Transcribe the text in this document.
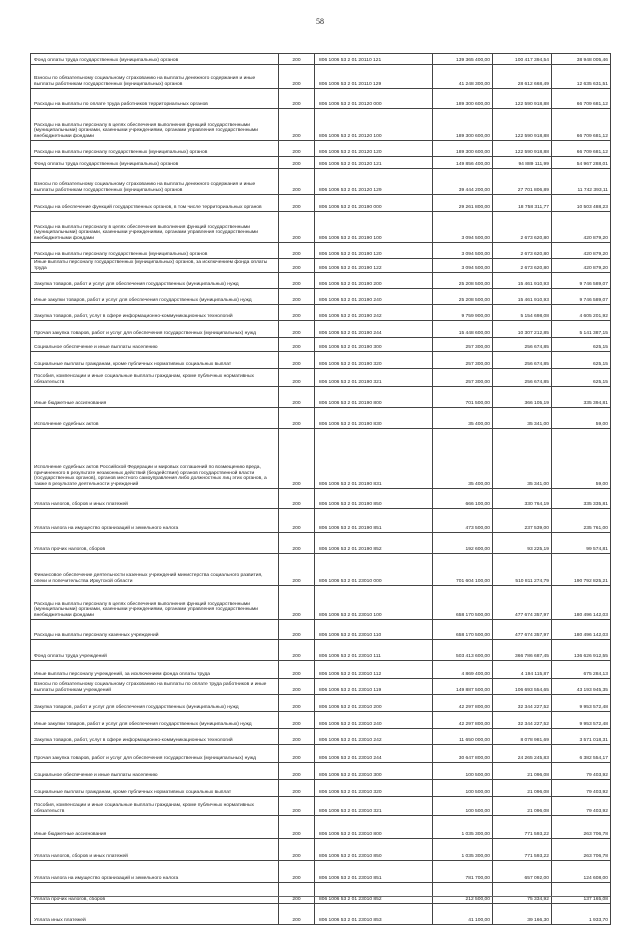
58
Фонд оплаты труда государственных (муниципальных) органов	200	806 1006 53 2 01 20110 121	139 365 400,00	100 417 394,54	38 948 005,46
Взносы по обязательному социальному страхованию на выплаты денежного содержания и иные выплаты работникам государственных (муниципальных) органов	200	806 1006 53 2 01 20110 129	41 248 300,00	28 612 668,49	12 635 631,51
Расходы на выплаты по оплате труда работников территориальных органов	200	806 1006 53 2 01 20120 000	189 300 600,00	122 590 918,88	66 709 681,12
Расходы на выплаты персоналу в целях обеспечения выполнения функций государственными (муниципальными) органами, казенными учреждениями, органами управления государственными внебюджетными фондами	200	806 1006 53 2 01 20120 100	189 300 600,00	122 590 918,88	66 709 681,12
Расходы на выплаты персоналу государственных (муниципальных) органов	200	806 1006 53 2 01 20120 120	189 300 600,00	122 590 918,88	66 709 681,12
Фонд оплаты труда государственных (муниципальных) органов	200	806 1006 53 2 01 20120 121	149 856 400,00	94 889 111,99	54 967 288,01
Взносы по обязательному социальному страхованию на выплаты денежного содержания и иные выплаты работникам государственных (муниципальных) органов	200	806 1006 53 2 01 20120 129	39 444 200,00	27 701 806,89	11 742 393,11
Расходы на обеспечение функций государственных органов, в том числе территориальных органов	200	806 1006 53 2 01 20190 000	29 261 800,00	18 758 311,77	10 503 488,23
Расходы на выплаты персоналу в целях обеспечения выполнения функций государственными (муниципальными) органами, казенными учреждениями, органами управления государственными внебюджетными фондами	200	806 1006 53 2 01 20190 100	3 094 500,00	2 673 620,80	420 879,20
Расходы на выплаты персоналу государственных (муниципальных) органов	200	806 1006 53 2 01 20190 120	3 094 500,00	2 673 620,80	420 879,20
Иные выплаты персоналу государственных (муниципальных) органов, за исключением фонда оплаты труда	200	806 1006 53 2 01 20190 122	3 094 500,00	2 673 620,80	420 879,20
Закупка товаров, работ и услуг для обеспечения государственных (муниципальных) нужд	200	806 1006 53 2 01 20190 200	25 208 500,00	15 461 910,93	9 746 589,07
Иные закупки товаров, работ и услуг для обеспечения государственных (муниципальных) нужд	200	806 1006 53 2 01 20190 240	25 208 500,00	15 461 910,93	9 746 589,07
Закупка товаров, работ, услуг в сфере информационно-коммуникационных технологий	200	806 1006 53 2 01 20190 242	9 759 900,00	5 154 698,08	4 605 201,92
Прочая закупка товаров, работ и услуг для обеспечения государственных (муниципальных) нужд	200	806 1006 53 2 01 20190 244	15 448 600,00	10 307 212,85	5 141 387,15
Социальное обеспечение и иные выплаты населению	200	806 1006 53 2 01 20190 300	257 300,00	256 674,85	625,15
Социальные выплаты гражданам, кроме публичных нормативных социальных выплат	200	806 1006 53 2 01 20190 320	257 300,00	256 674,85	625,15
Пособия, компенсации и иные социальные выплаты гражданам, кроме публичных нормативных обязательств	200	806 1006 53 2 01 20190 321	257 300,00	256 674,85	625,15
Иные бюджетные ассигнования	200	806 1006 53 2 01 20190 800	701 500,00	366 105,19	335 394,81
Исполнение судебных актов	200	806 1006 53 2 01 20190 830	35 400,00	35 341,00	59,00
Исполнение судебных актов Российской Федерации и мировых соглашений по возмещению вреда, причиненного в результате незаконных действий (бездействия) органов государственной власти (государственных органов), органов местного самоуправления либо должностных лиц этих органов, а также в результате деятельности учреждений	200	806 1006 53 2 01 20190 831	35 400,00	35 341,00	59,00
Уплата налогов, сборов и иных платежей	200	806 1006 53 2 01 20190 850	666 100,00	330 764,19	335 335,81
Уплата налога на имущество организаций и земельного налога	200	806 1006 53 2 01 20190 851	473 500,00	237 539,00	235 761,00
Уплата прочих налогов, сборов	200	806 1006 53 2 01 20190 852	192 600,00	93 225,19	99 574,81
Финансовое обеспечение деятельности казенных учреждений министерства социального развития, опеки и попечительства Иркутской области	200	806 1006 53 2 01 23010 000	701 604 100,00	510 811 274,79	190 792 825,21
Расходы на выплаты персоналу в целях обеспечения выполнения функций государственными (муниципальными) органами, казенными учреждениями, органами управления государственными внебюджетными фондами	200	806 1006 53 2 01 23010 100	658 170 500,00	477 674 357,97	180 496 142,03
Расходы на выплаты персоналу казенных учреждений	200	806 1006 53 2 01 23010 110	658 170 500,00	477 674 357,97	180 496 142,03
Фонд оплаты труда учреждений	200	806 1006 53 2 01 23010 111	503 413 600,00	366 786 687,45	136 626 912,55
Иные выплаты персоналу учреждений, за исключением фонда оплаты труда	200	806 1006 53 2 01 23010 112	4 869 400,00	4 194 115,87	675 284,13
Взносы по обязательному социальному страхованию на выплаты по оплате труда работников и иные выплаты работникам учреждений	200	806 1006 53 2 01 23010 119	149 887 500,00	106 693 554,65	43 193 945,35
Закупка товаров, работ и услуг для обеспечения государственных (муниципальных) нужд	200	806 1006 53 2 01 23010 200	42 297 800,00	32 344 227,52	9 953 572,48
Иные закупки товаров, работ и услуг для обеспечения государственных (муниципальных) нужд	200	806 1006 53 2 01 23010 240	42 297 800,00	32 344 227,52	9 953 572,48
Закупка товаров, работ, услуг в сфере информационно-коммуникационных технологий	200	806 1006 53 2 01 23010 242	11 650 000,00	8 078 981,69	3 571 018,31
Прочая закупка товаров, работ и услуг для обеспечения государственных (муниципальных) нужд	200	806 1006 53 2 01 23010 244	30 647 800,00	24 265 245,83	6 382 554,17
Социальное обеспечение и иные выплаты населению	200	806 1006 53 2 01 23010 300	100 500,00	21 096,08	79 403,92
Социальные выплаты гражданам, кроме публичных нормативных социальных выплат	200	806 1006 53 2 01 23010 320	100 500,00	21 096,08	79 403,92
Пособия, компенсации и иные социальные выплаты гражданам, кроме публичных нормативных обязательств	200	806 1006 53 2 01 23010 321	100 500,00	21 096,08	79 403,92
Иные бюджетные ассигнования	200	806 1006 53 2 01 23010 800	1 035 300,00	771 593,22	263 706,78
Уплата налогов, сборов и иных платежей	200	806 1006 53 2 01 23010 850	1 035 300,00	771 593,22	263 706,78
Уплата налога на имущество организаций и земельного налога	200	806 1006 53 2 01 23010 851	781 700,00	657 092,00	124 608,00
Уплата прочих налогов, сборов	200	806 1006 53 2 01 23010 852	212 500,00	75 334,92	137 165,08
Уплата иных платежей	200	806 1006 53 2 01 23010 853	41 100,00	39 166,30	1 933,70
